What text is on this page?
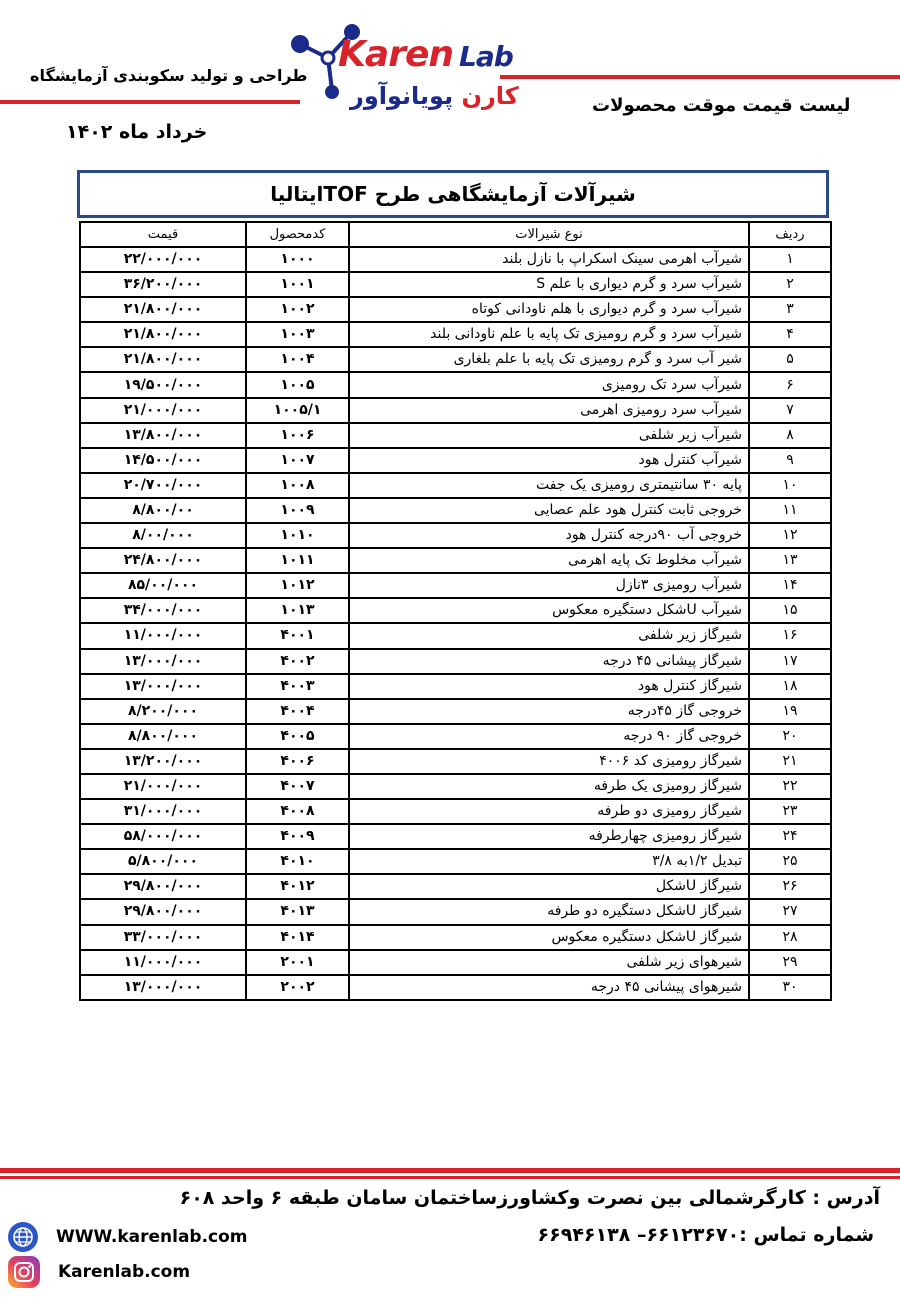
طراحی و تولید سکوبندی آزمایشگاه
خرداد ماه ۱۴۰۲
لیست قیمت موقت محصولات
Karen Lab
کارن پویانوآور
شیرآلات آزمایشگاهی طرح TOFایتالیا
قیمت	کدمحصول	نوع شیرالات	ردیف
۲۲/۰۰۰/۰۰۰	۱۰۰۰	شیرآب اهرمی سینک اسکراپ با نازل بلند	۱
۳۶/۲۰۰/۰۰۰	۱۰۰۱	شیرآب سرد و گرم دیواری با علم S	۲
۲۱/۸۰۰/۰۰۰	۱۰۰۲	شیرآب سرد و گرم دیواری با هلم ناودانی کوتاه	۳
۲۱/۸۰۰/۰۰۰	۱۰۰۳	شیرآب سرد و گرم رومیزی تک پایه با علم ناودانی بلند	۴
۲۱/۸۰۰/۰۰۰	۱۰۰۴	شیر آب سرد و گرم رومیزی تک پایه با علم بلغاری	۵
۱۹/۵۰۰/۰۰۰	۱۰۰۵	شیرآب سرد تک رومیزی	۶
۲۱/۰۰۰/۰۰۰	۱۰۰۵/۱	شیرآب سرد رومیزی اهرمی	۷
۱۳/۸۰۰/۰۰۰	۱۰۰۶	شیرآب زیر شلفی	۸
۱۴/۵۰۰/۰۰۰	۱۰۰۷	شیرآب کنترل هود	۹
۲۰/۷۰۰/۰۰۰	۱۰۰۸	پایه ۳۰ سانتیمتری رومیزی یک جفت	۱۰
۸/۸۰۰/۰۰	۱۰۰۹	خروجی ثابت کنترل هود علم عصایی	۱۱
۸/۰۰/۰۰۰	۱۰۱۰	خروجی آب ۹۰درجه کنترل هود	۱۲
۲۴/۸۰۰/۰۰۰	۱۰۱۱	شیرآب مخلوط تک پایه اهرمی	۱۳
۸۵/۰۰/۰۰۰	۱۰۱۲	شیرآب رومیزی ۳نازل	۱۴
۳۴/۰۰۰/۰۰۰	۱۰۱۳	شیرآب Uشکل دستگیره معکوس	۱۵
۱۱/۰۰۰/۰۰۰	۴۰۰۱	شیرگاز زیر شلفی	۱۶
۱۳/۰۰۰/۰۰۰	۴۰۰۲	شیرگاز پیشانی ۴۵ درجه	۱۷
۱۳/۰۰۰/۰۰۰	۴۰۰۳	شیرگاز کنترل هود	۱۸
۸/۲۰۰/۰۰۰	۴۰۰۴	خروجی گاز ۴۵درجه	۱۹
۸/۸۰۰/۰۰۰	۴۰۰۵	خروجی گاز ۹۰ درجه	۲۰
۱۳/۲۰۰/۰۰۰	۴۰۰۶	شیرگاز رومیزی کد ۴۰۰۶	۲۱
۲۱/۰۰۰/۰۰۰	۴۰۰۷	شیرگاز رومیزی یک طرفه	۲۲
۳۱/۰۰۰/۰۰۰	۴۰۰۸	شیرگاز رومیزی دو طرفه	۲۳
۵۸/۰۰۰/۰۰۰	۴۰۰۹	شیرگاز رومیزی چهارطرفه	۲۴
۵/۸۰۰/۰۰۰	۴۰۱۰	تبدیل ۱/۲به ۳/۸	۲۵
۲۹/۸۰۰/۰۰۰	۴۰۱۲	شیرگاز Uشکل	۲۶
۲۹/۸۰۰/۰۰۰	۴۰۱۳	شیرگاز Uشکل دستگیره دو طرفه	۲۷
۳۳/۰۰۰/۰۰۰	۴۰۱۴	شیرگاز Uشکل دستگیره معکوس	۲۸
۱۱/۰۰۰/۰۰۰	۲۰۰۱	شیرهوای زیر شلفی	۲۹
۱۳/۰۰۰/۰۰۰	۲۰۰۲	شیرهوای پیشانی ۴۵ درجه	۳۰
آدرس : کارگرشمالی بین نصرت وکشاورزساختمان سامان طبقه ۶ واحد ۶۰۸
شماره تماس :۶۶۱۲۳۶۷۰– ۶۶۹۴۶۱۳۸
WWW.karenlab.com
Karenlab.com
